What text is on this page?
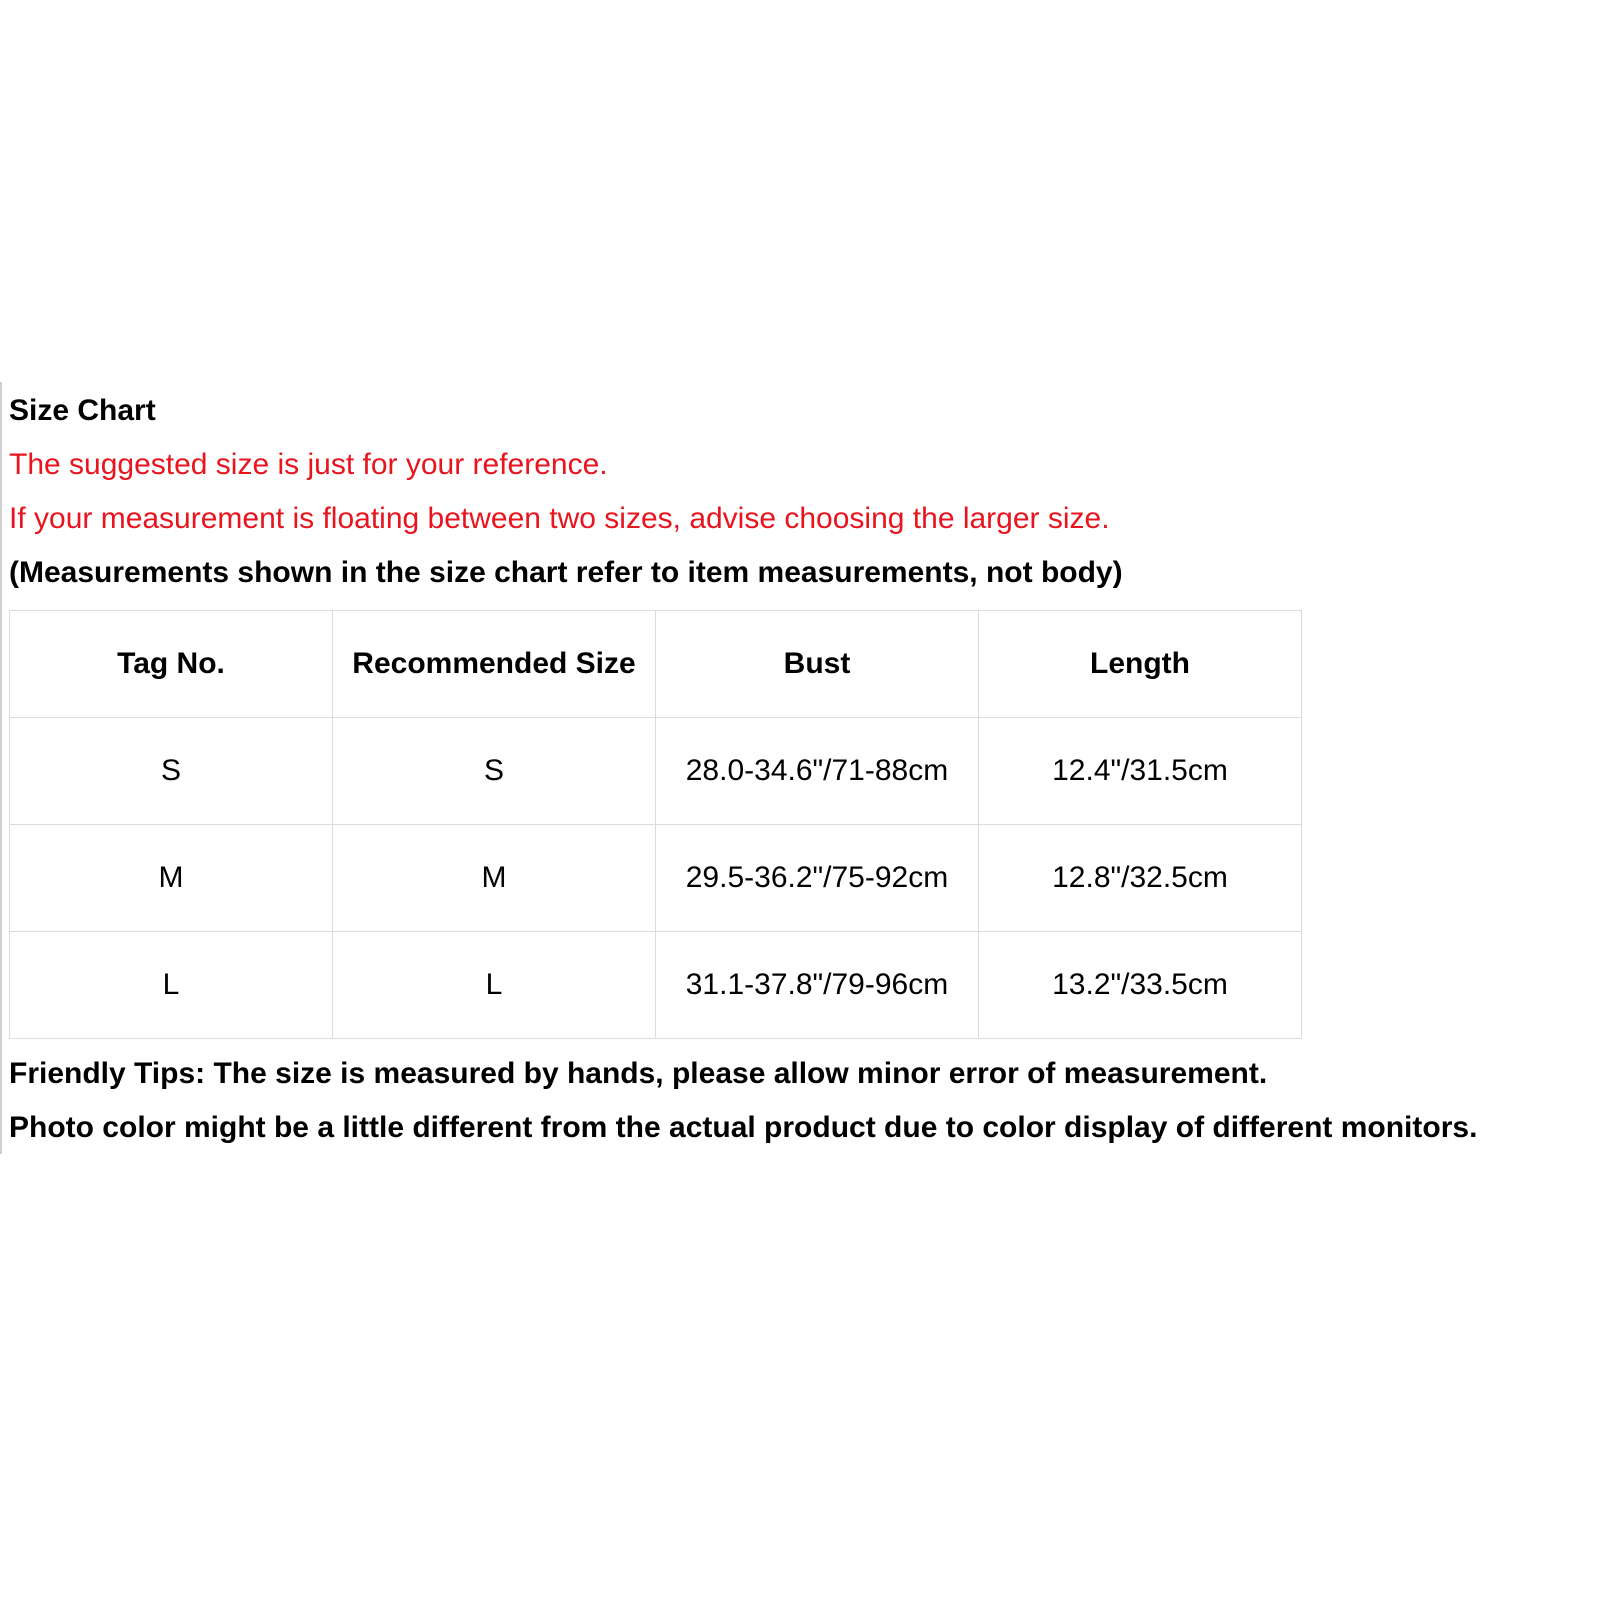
Size Chart
The suggested size is just for your reference.
If your measurement is floating between two sizes, advise choosing the larger size.
(Measurements shown in the size chart refer to item measurements, not body)
Tag No.	Recommended Size	Bust	Length
S	S	28.0-34.6"/71-88cm	12.4"/31.5cm
M	M	29.5-36.2"/75-92cm	12.8"/32.5cm
L	L	31.1-37.8"/79-96cm	13.2"/33.5cm
Friendly Tips: The size is measured by hands, please allow minor error of measurement.
Photo color might be a little different from the actual product due to color display of different monitors.
